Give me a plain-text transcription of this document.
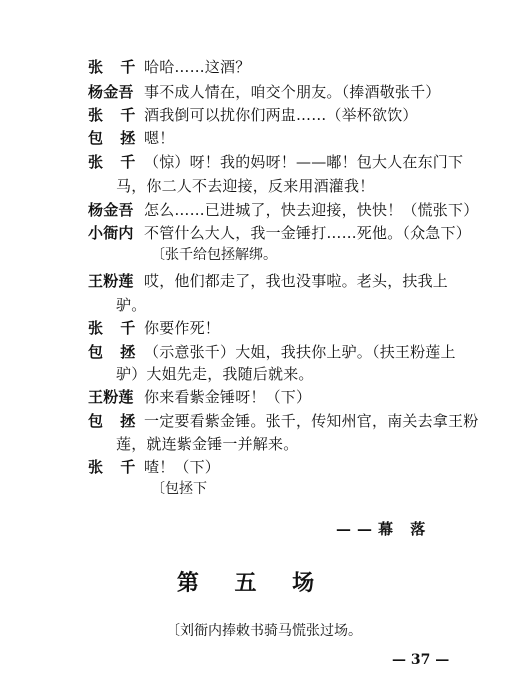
张 千 哈哈……这酒？
杨金吾 事不成人情在，咱交个朋友。（捧酒敬张千）
张 千 酒我倒可以扰你们两盅……（举杯欲饮）
包 拯 嗯！
张 千 （惊）呀！我的妈呀！——嘟！包大人在东门下
马，你二人不去迎接，反来用酒灌我！
杨金吾 怎么……已进城了，快去迎接，快快！（慌张下）
小衙内 不管什么大人，我一金锤打……死他。（众急下）
〔张千给包拯解绑。
王粉莲 哎，他们都走了，我也没事啦。老头，扶我上
驴。
张 千 你要作死！
包 拯 （示意张千）大姐，我扶你上驴。（扶王粉莲上
驴）大姐先走，我随后就来。
王粉莲 你来看紫金锤呀！（下）
包 拯 一定要看紫金锤。张千，传知州官，南关去拿王粉
莲，就连紫金锤一并解来。
张 千 喳！（下）
〔包拯下
——幕 落
第 五 场
〔刘衙内捧敕书骑马慌张过场。
— 37 —
